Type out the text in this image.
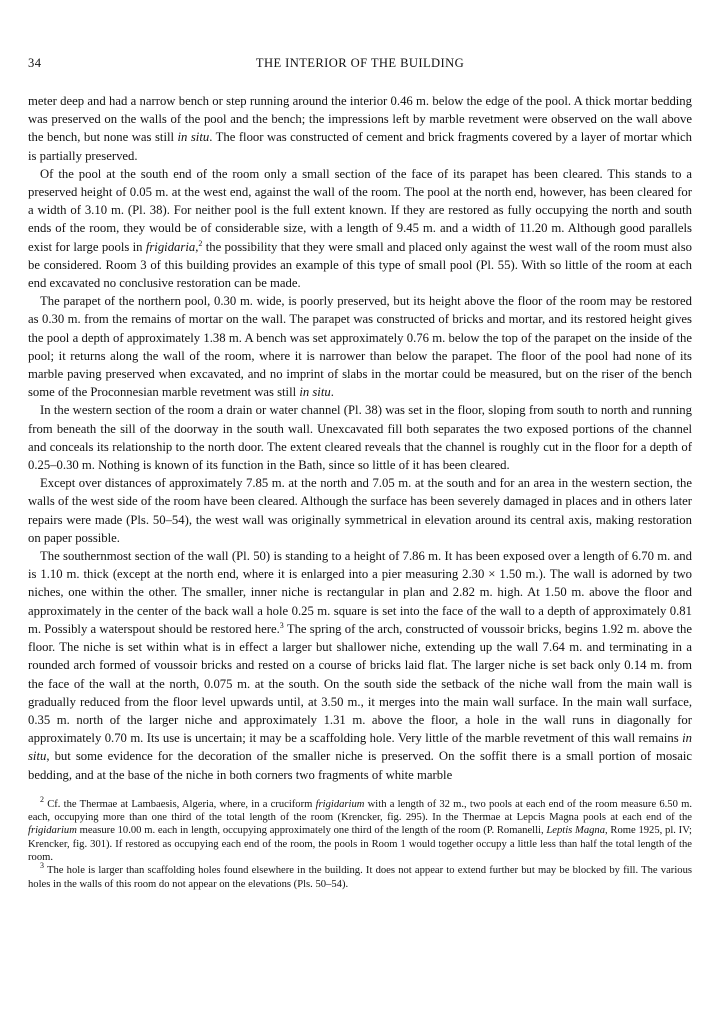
34	THE INTERIOR OF THE BUILDING

meter deep and had a narrow bench or step running around the interior 0.46 m. below the edge of the pool. A thick mortar bedding was preserved on the walls of the pool and the bench; the impressions left by marble revetment were observed on the wall above the bench, but none was still in situ. The floor was constructed of cement and brick fragments covered by a layer of mortar which is partially preserved.

Of the pool at the south end of the room only a small section of the face of its parapet has been cleared. This stands to a preserved height of 0.05 m. at the west end, against the wall of the room. The pool at the north end, however, has been cleared for a width of 3.10 m. (Pl. 38). For neither pool is the full extent known. If they are restored as fully occupying the north and south ends of the room, they would be of considerable size, with a length of 9.45 m. and a width of 11.20 m. Although good parallels exist for large pools in frigidaria,$^2$ the possibility that they were small and placed only against the west wall of the room must also be considered. Room 3 of this building provides an example of this type of small pool (Pl. 55). With so little of the room at each end excavated no conclusive restoration can be made.

The parapet of the northern pool, 0.30 m. wide, is poorly preserved, but its height above the floor of the room may be restored as 0.30 m. from the remains of mortar on the wall. The parapet was constructed of bricks and mortar, and its restored height gives the pool a depth of approximately 1.38 m. A bench was set approximately 0.76 m. below the top of the parapet on the inside of the pool; it returns along the wall of the room, where it is narrower than below the parapet. The floor of the pool had none of its marble paving preserved when excavated, and no imprint of slabs in the mortar could be measured, but on the riser of the bench some of the Proconnesian marble revetment was still in situ.

In the western section of the room a drain or water channel (Pl. 38) was set in the floor, sloping from south to north and running from beneath the sill of the doorway in the south wall. Unexcavated fill both separates the two exposed portions of the channel and conceals its relationship to the north door. The extent cleared reveals that the channel is roughly cut in the floor for a depth of 0.25–0.30 m. Nothing is known of its function in the Bath, since so little of it has been cleared.

Except over distances of approximately 7.85 m. at the north and 7.05 m. at the south and for an area in the western section, the walls of the west side of the room have been cleared. Although the surface has been severely damaged in places and in others later repairs were made (Pls. 50–54), the west wall was originally symmetrical in elevation around its central axis, making restoration on paper possible.

The southernmost section of the wall (Pl. 50) is standing to a height of 7.86 m. It has been exposed over a length of 6.70 m. and is 1.10 m. thick (except at the north end, where it is enlarged into a pier measuring 2.30 × 1.50 m.). The wall is adorned by two niches, one within the other. The smaller, inner niche is rectangular in plan and 2.82 m. high. At 1.50 m. above the floor and approximately in the center of the back wall a hole 0.25 m. square is set into the face of the wall to a depth of approximately 0.81 m. Possibly a waterspout should be restored here.$^3$ The spring of the arch, constructed of voussoir bricks, begins 1.92 m. above the floor. The niche is set within what is in effect a larger but shallower niche, extending up the wall 7.64 m. and terminating in a rounded arch formed of voussoir bricks and rested on a course of bricks laid flat. The larger niche is set back only 0.14 m. from the face of the wall at the north, 0.075 m. at the south. On the south side the setback of the niche wall from the main wall is gradually reduced from the floor level upwards until, at 3.50 m., it merges into the main wall surface. In the main wall surface, 0.35 m. north of the larger niche and approximately 1.31 m. above the floor, a hole in the wall runs in diagonally for approximately 0.70 m. Its use is uncertain; it may be a scaffolding hole. Very little of the marble revetment of this wall remains in situ, but some evidence for the decoration of the smaller niche is preserved. On the soffit there is a small portion of mosaic bedding, and at the base of the niche in both corners two fragments of white marble

$^2$ Cf. the Thermae at Lambaesis, Algeria, where, in a cruciform frigidarium with a length of 32 m., two pools at each end of the room measure 6.50 m. each, occupying more than one third of the total length of the room (Krencker, fig. 295). In the Thermae at Lepcis Magna pools at each end of the frigidarium measure 10.00 m. each in length, occupying approximately one third of the length of the room (P. Romanelli, Leptis Magna, Rome 1925, pl. IV; Krencker, fig. 301). If restored as occupying each end of the room, the pools in Room 1 would together occupy a little less than half the total length of the room.

$^3$ The hole is larger than scaffolding holes found elsewhere in the building. It does not appear to extend further but may be blocked by fill. The various holes in the walls of this room do not appear on the elevations (Pls. 50–54).
